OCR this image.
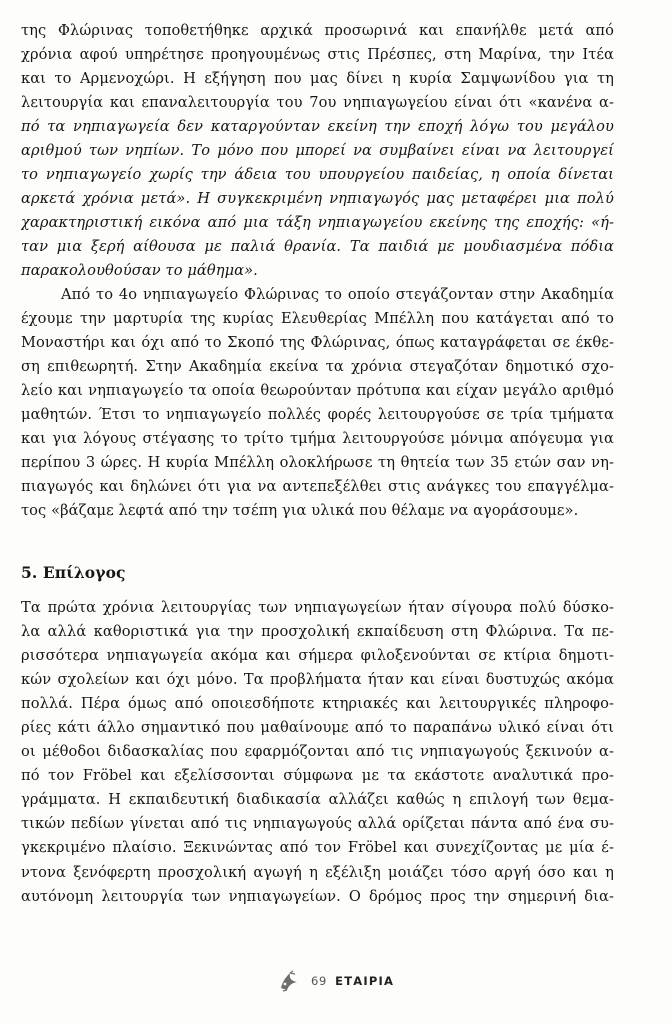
της Φλώρινας τοποθετήθηκε αρχικά προσωρινά και επανήλθε μετά από
χρόνια αφού υπηρέτησε προηγουμένως στις Πρέσπες, στη Μαρίνα, την Ιτέα
και το Αρμενοχώρι. Η εξήγηση που μας δίνει η κυρία Σαμψωνίδου για τη
λειτουργία και επαναλειτουργία του 7ου νηπιαγωγείου είναι ότι «κανένα α-
πό τα νηπιαγωγεία δεν καταργούνταν εκείνη την εποχή λόγω του μεγάλου
αριθμού των νηπίων. Το μόνο που μπορεί να συμβαίνει είναι να λειτουργεί
το νηπιαγωγείο χωρίς την άδεια του υπουργείου παιδείας, η οποία δίνεται
αρκετά χρόνια μετά». Η συγκεκριμένη νηπιαγωγός μας μεταφέρει μια πολύ
χαρακτηριστική εικόνα από μια τάξη νηπιαγωγείου εκείνης της εποχής: «ή-
ταν μια ξερή αίθουσα με παλιά θρανία. Τα παιδιά με μουδιασμένα πόδια
παρακολουθούσαν το μάθημα».
Από το 4ο νηπιαγωγείο Φλώρινας το οποίο στεγάζονταν στην Ακαδημία
έχουμε την μαρτυρία της κυρίας Ελευθερίας Μπέλλη που κατάγεται από το
Μοναστήρι και όχι από το Σκοπό της Φλώρινας, όπως καταγράφεται σε έκθε-
ση επιθεωρητή. Στην Ακαδημία εκείνα τα χρόνια στεγαζόταν δημοτικό σχο-
λείο και νηπιαγωγείο τα οποία θεωρούνταν πρότυπα και είχαν μεγάλο αριθμό
μαθητών. Έτσι το νηπιαγωγείο πολλές φορές λειτουργούσε σε τρία τμήματα
και για λόγους στέγασης το τρίτο τμήμα λειτουργούσε μόνιμα απόγευμα για
περίπου 3 ώρες. Η κυρία Μπέλλη ολοκλήρωσε τη θητεία των 35 ετών σαν νη-
πιαγωγός και δηλώνει ότι για να αντεπεξέλθει στις ανάγκες του επαγγέλμα-
τος «βάζαμε λεφτά από την τσέπη για υλικά που θέλαμε να αγοράσουμε».
5. Επίλογος
Τα πρώτα χρόνια λειτουργίας των νηπιαγωγείων ήταν σίγουρα πολύ δύσκο-
λα αλλά καθοριστικά για την προσχολική εκπαίδευση στη Φλώρινα. Τα πε-
ρισσότερα νηπιαγωγεία ακόμα και σήμερα φιλοξενούνται σε κτίρια δημοτι-
κών σχολείων και όχι μόνο. Τα προβλήματα ήταν και είναι δυστυχώς ακόμα
πολλά. Πέρα όμως από οποιεσδήποτε κτηριακές και λειτουργικές πληροφο-
ρίες κάτι άλλο σημαντικό που μαθαίνουμε από το παραπάνω υλικό είναι ότι
οι μέθοδοι διδασκαλίας που εφαρμόζονται από τις νηπιαγωγούς ξεκινούν α-
πό τον Fröbel και εξελίσσονται σύμφωνα με τα εκάστοτε αναλυτικά προ-
γράμματα. Η εκπαιδευτική διαδικασία αλλάζει καθώς η επιλογή των θεμα-
τικών πεδίων γίνεται από τις νηπιαγωγούς αλλά ορίζεται πάντα από ένα συ-
γκεκριμένο πλαίσιο. Ξεκινώντας από τον Fröbel και συνεχίζοντας με μία έ-
ντονα ξενόφερτη προσχολική αγωγή η εξέλιξη μοιάζει τόσο αργή όσο και η
αυτόνομη λειτουργία των νηπιαγωγείων. Ο δρόμος προς την σημερινή δια-
69 ΕΤΑΙΡΙΑ
